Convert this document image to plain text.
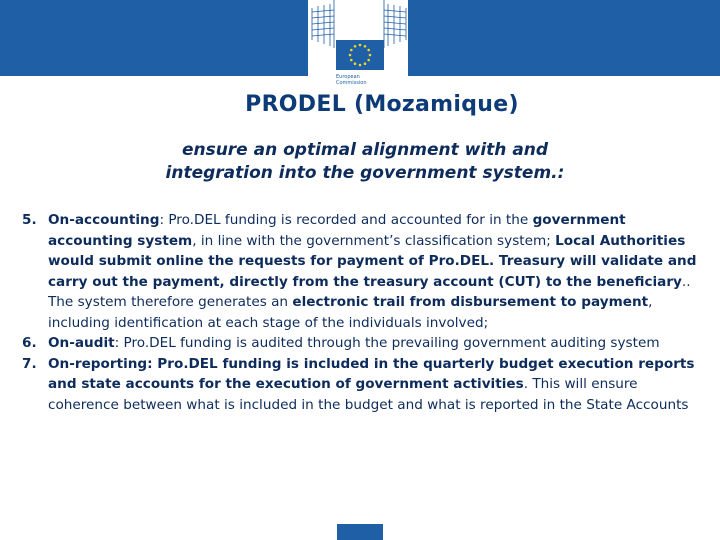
European
Commission
PRODEL (Mozamique)
ensure an optimal alignment with and
integration into the government system.:
5. On-accounting: Pro.DEL funding is recorded and accounted for in the government accounting system, in line with the government’s classification system; Local Authorities would submit online the requests for payment of Pro.DEL. Treasury will validate and carry out the payment, directly from the treasury account (CUT) to the beneficiary.. The system therefore generates an electronic trail from disbursement to payment, including identification at each stage of the individuals involved;
6. On-audit: Pro.DEL funding is audited through the prevailing government auditing system
7. On-reporting: Pro.DEL funding is included in the quarterly budget execution reports and state accounts for the execution of government activities. This will ensure coherence between what is included in the budget and what is reported in the State Accounts
